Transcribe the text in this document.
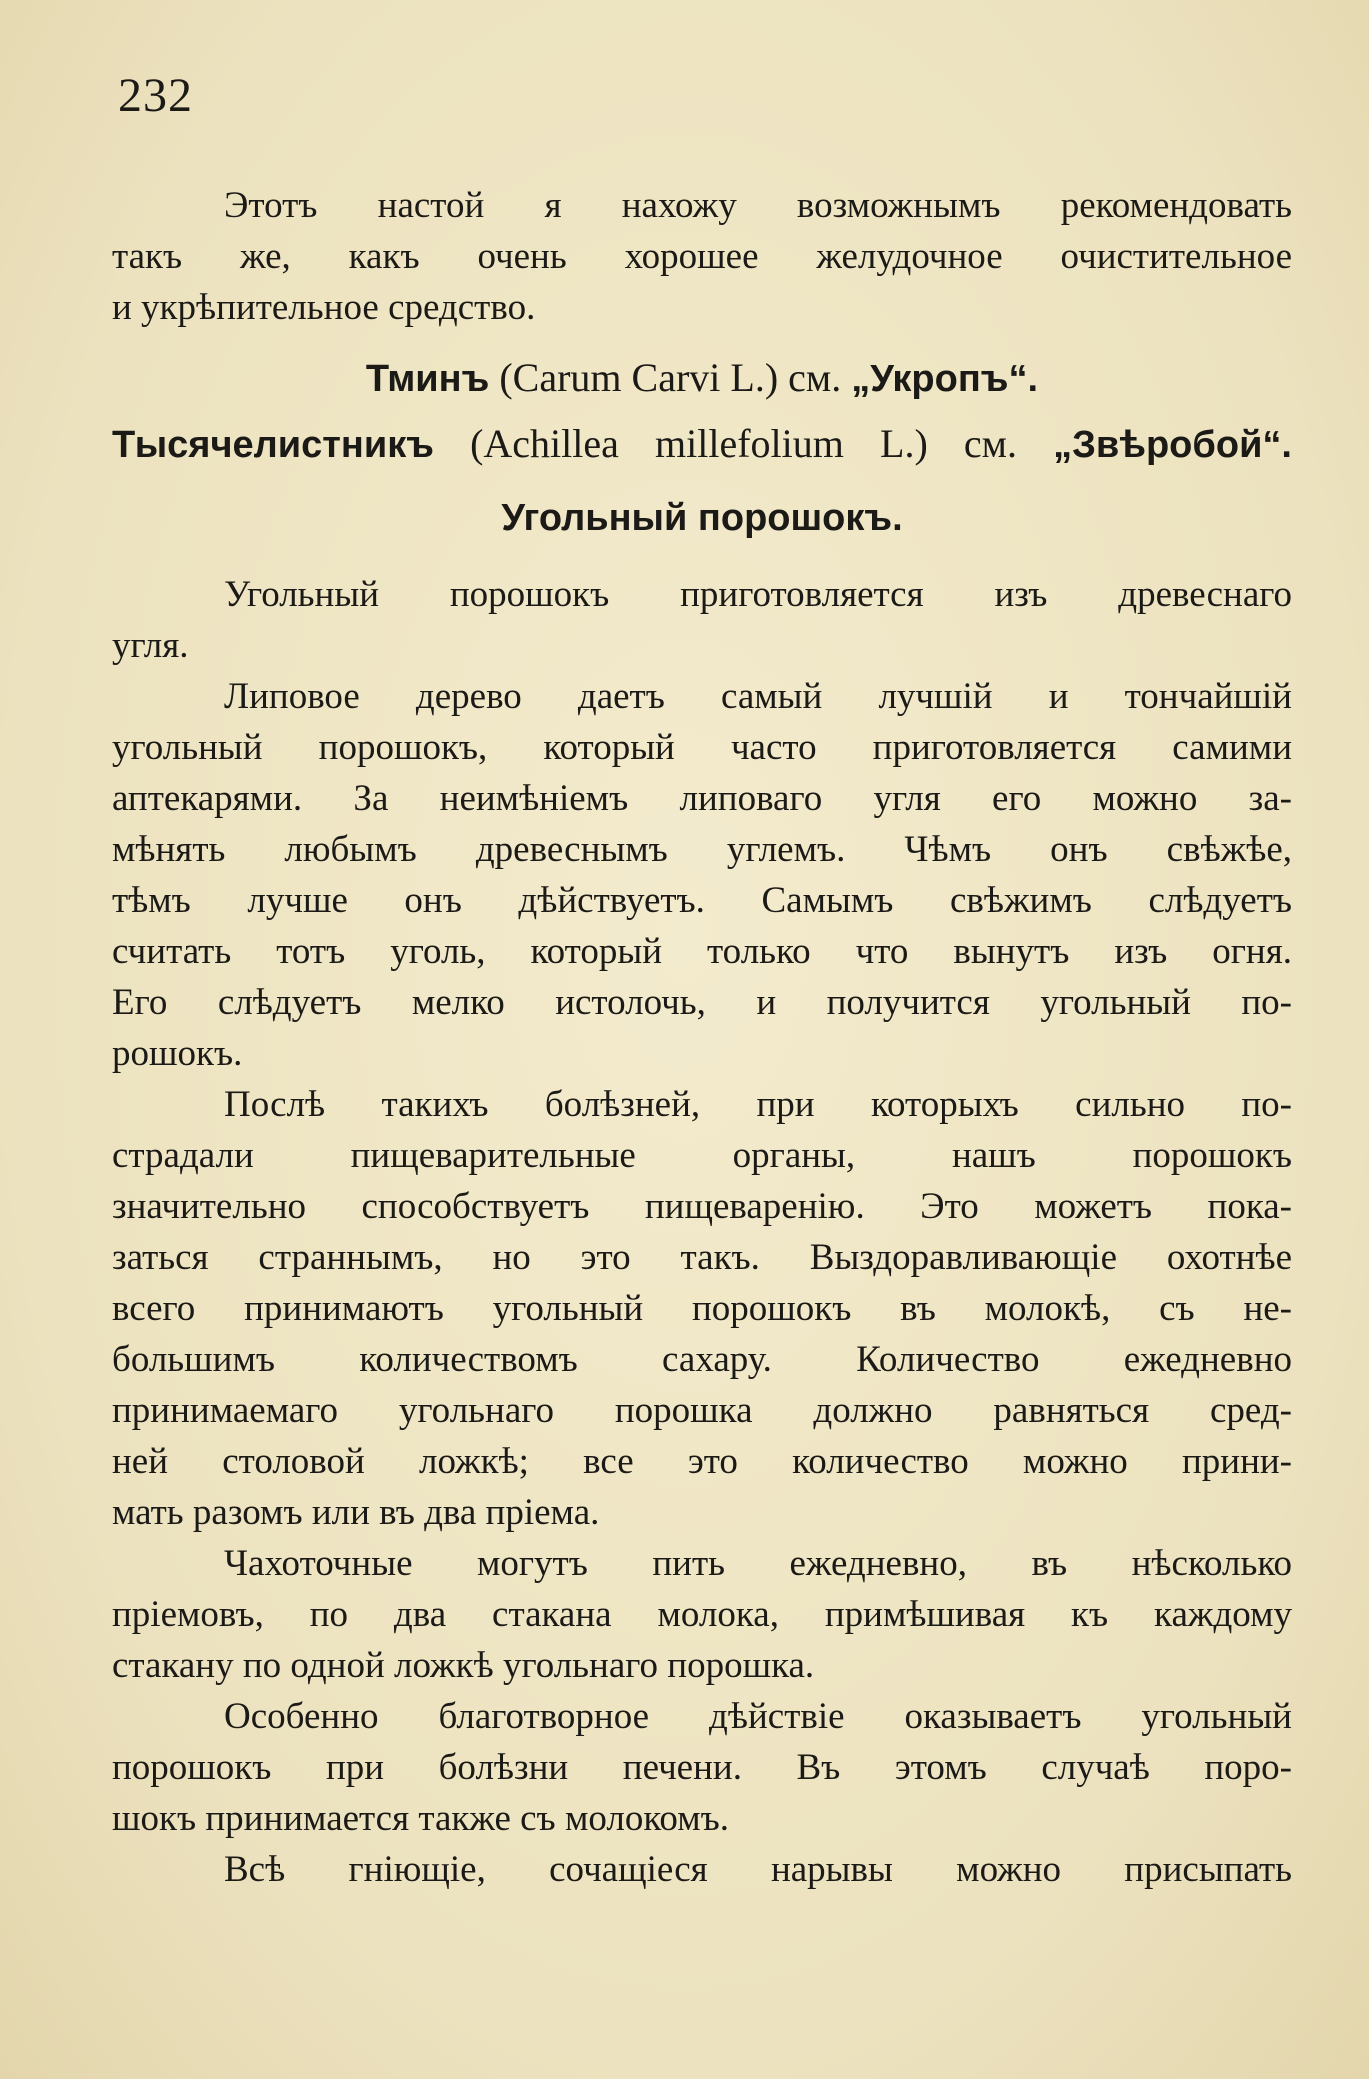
232
Этотъ настой я нахожу возможнымъ рекомендовать
такъ же, какъ очень хорошее желудочное очистительное
и укрѣпительное средство.
Тминъ (Carum Carvi L.) см. „Укропъ“.
Тысячелистникъ (Achillea millefolium L.) см. „Звѣробой“.
Угольный порошокъ.
Угольный порошокъ приготовляется изъ древеснаго
угля.
Липовое дерево даетъ самый лучшій и тончайшій
угольный порошокъ, который часто приготовляется самими
аптекарями. За неимѣніемъ липоваго угля его можно за-
мѣнять любымъ древеснымъ углемъ. Чѣмъ онъ свѣжѣе,
тѣмъ лучше онъ дѣйствуетъ. Самымъ свѣжимъ слѣдуетъ
считать тотъ уголь, который только что вынутъ изъ огня.
Его слѣдуетъ мелко истолочь, и получится угольный по-
рошокъ.
Послѣ такихъ болѣзней, при которыхъ сильно по-
страдали пищеварительные органы, нашъ порошокъ
значительно способствуетъ пищеваренію. Это можетъ пока-
заться страннымъ, но это такъ. Выздоравливающіе охотнѣе
всего принимаютъ угольный порошокъ въ молокѣ, съ не-
большимъ количествомъ сахару. Количество ежедневно
принимаемаго угольнаго порошка должно равняться сред-
ней столовой ложкѣ; все это количество можно прини-
мать разомъ или въ два пріема.
Чахоточные могутъ пить ежедневно, въ нѣсколько
пріемовъ, по два стакана молока, примѣшивая къ каждому
стакану по одной ложкѣ угольнаго порошка.
Особенно благотворное дѣйствіе оказываетъ угольный
порошокъ при болѣзни печени. Въ этомъ случаѣ поро-
шокъ принимается также съ молокомъ.
Всѣ гніющіе, сочащіеся нарывы можно присыпать
